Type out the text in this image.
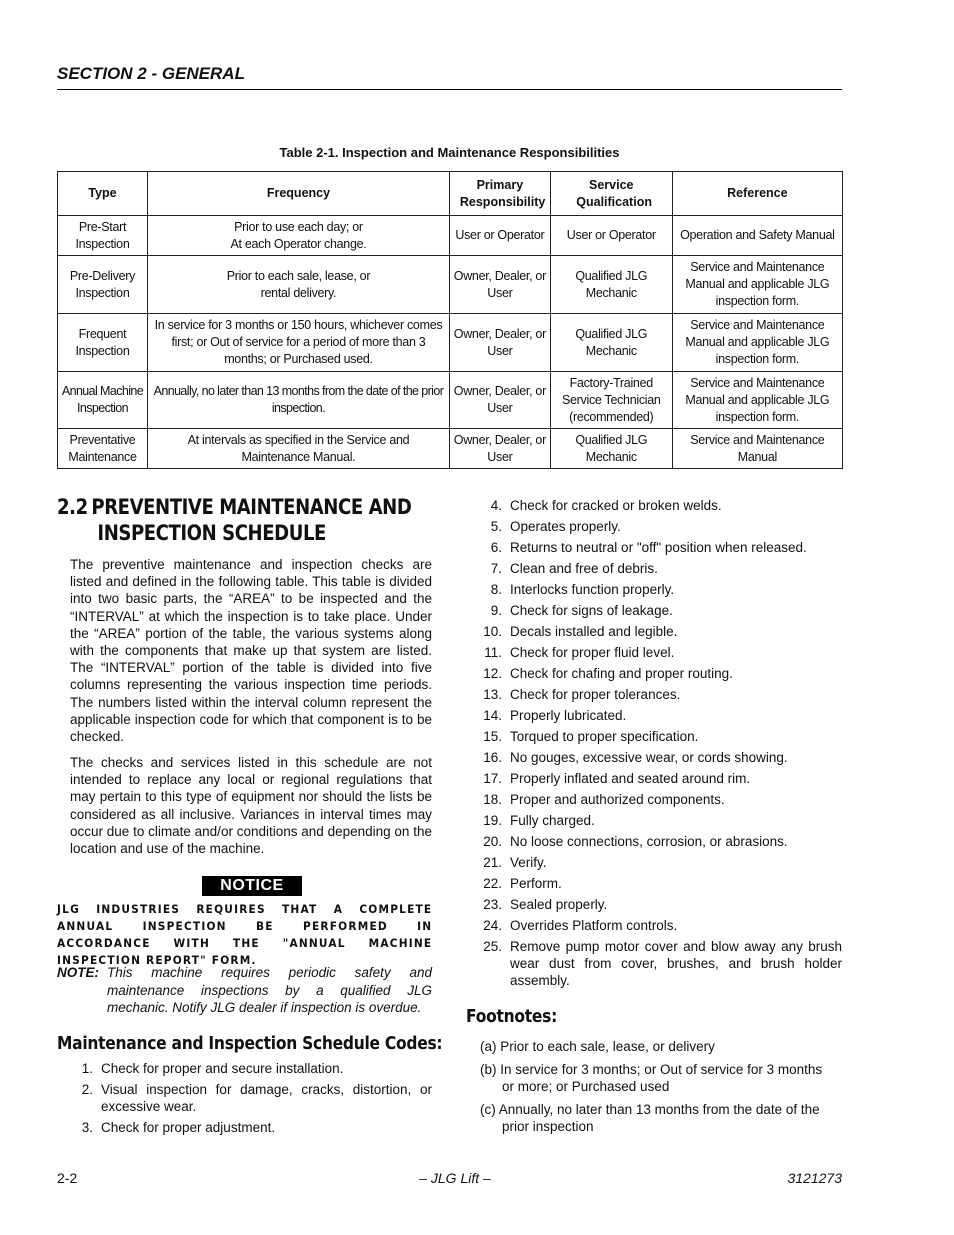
SECTION 2 - GENERAL
Table 2-1. Inspection and Maintenance Responsibilities
Type	Frequency	Primary Responsibility	Service Qualification	Reference
Pre-Start Inspection	Prior to use each day; or At each Operator change.	User or Operator	User or Operator	Operation and Safety Manual
Pre-Delivery Inspection	Prior to each sale, lease, or rental delivery.	Owner, Dealer, or User	Qualified JLG Mechanic	Service and Maintenance Manual and applicable JLG inspection form.
Frequent Inspection	In service for 3 months or 150 hours, whichever comes first; or Out of service for a period of more than 3 months; or Purchased used.	Owner, Dealer, or User	Qualified JLG Mechanic	Service and Maintenance Manual and applicable JLG inspection form.
Annual Machine Inspection	Annually, no later than 13 months from the date of the prior inspection.	Owner, Dealer, or User	Factory-Trained Service Technician (recommended)	Service and Maintenance Manual and applicable JLG inspection form.
Preventative Maintenance	At intervals as specified in the Service and Maintenance Manual.	Owner, Dealer, or User	Qualified JLG Mechanic	Service and Maintenance Manual
2.2 PREVENTIVE MAINTENANCE AND
INSPECTION SCHEDULE
The preventive maintenance and inspection checks are listed and defined in the following table. This table is divided into two basic parts, the “AREA” to be inspected and the “INTERVAL” at which the inspection is to take place. Under the “AREA” portion of the table, the various systems along with the components that make up that system are listed. The “INTERVAL” portion of the table is divided into five columns representing the various inspection time periods. The numbers listed within the interval column represent the applicable inspection code for which that component is to be checked.
The checks and services listed in this schedule are not intended to replace any local or regional regulations that may pertain to this type of equipment nor should the lists be considered as all inclusive. Variances in interval times may occur due to climate and/or conditions and depending on the location and use of the machine.
NOTICE
JLG INDUSTRIES REQUIRES THAT A COMPLETE ANNUAL INSPECTION BE PERFORMED IN ACCORDANCE WITH THE "ANNUAL MACHINE INSPECTION REPORT" FORM.
NOTE: This machine requires periodic safety and maintenance inspections by a qualified JLG mechanic. Notify JLG dealer if inspection is overdue.
Maintenance and Inspection Schedule Codes:
1. Check for proper and secure installation.
2. Visual inspection for damage, cracks, distortion, or excessive wear.
3. Check for proper adjustment.
4. Check for cracked or broken welds.
5. Operates properly.
6. Returns to neutral or "off" position when released.
7. Clean and free of debris.
8. Interlocks function properly.
9. Check for signs of leakage.
10. Decals installed and legible.
11. Check for proper fluid level.
12. Check for chafing and proper routing.
13. Check for proper tolerances.
14. Properly lubricated.
15. Torqued to proper specification.
16. No gouges, excessive wear, or cords showing.
17. Properly inflated and seated around rim.
18. Proper and authorized components.
19. Fully charged.
20. No loose connections, corrosion, or abrasions.
21. Verify.
22. Perform.
23. Sealed properly.
24. Overrides Platform controls.
25. Remove pump motor cover and blow away any brush wear dust from cover, brushes, and brush holder assembly.
Footnotes:
(a) Prior to each sale, lease, or delivery
(b) In service for 3 months; or Out of service for 3 months
or more; or Purchased used
(c) Annually, no later than 13 months from the date of the
prior inspection
2-2	– JLG Lift –	3121273
